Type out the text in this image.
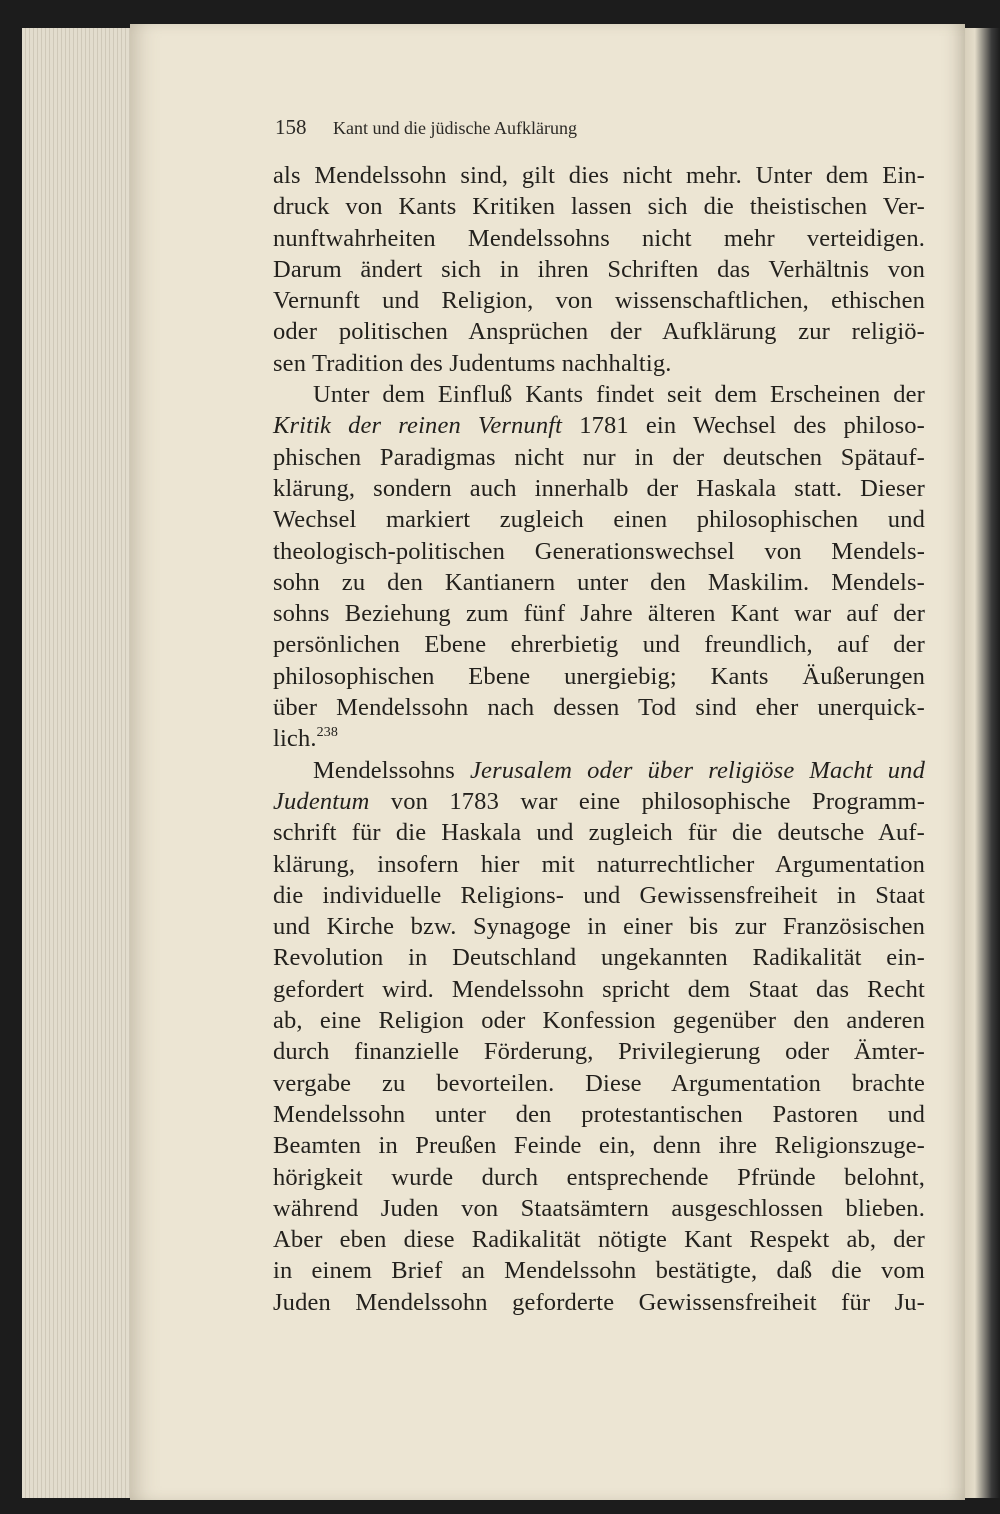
158 Kant und die jüdische Aufklärung
als Mendelssohn sind, gilt dies nicht mehr. Unter dem Ein-
druck von Kants Kritiken lassen sich die theistischen Ver-
nunftwahrheiten Mendelssohns nicht mehr verteidigen.
Darum ändert sich in ihren Schriften das Verhältnis von
Vernunft und Religion, von wissenschaftlichen, ethischen
oder politischen Ansprüchen der Aufklärung zur religiö-
sen Tradition des Judentums nachhaltig.
Unter dem Einfluß Kants findet seit dem Erscheinen der
Kritik der reinen Vernunft 1781 ein Wechsel des philoso-
phischen Paradigmas nicht nur in der deutschen Spätauf-
klärung, sondern auch innerhalb der Haskala statt. Dieser
Wechsel markiert zugleich einen philosophischen und
theologisch-politischen Generationswechsel von Mendels-
sohn zu den Kantianern unter den Maskilim. Mendels-
sohns Beziehung zum fünf Jahre älteren Kant war auf der
persönlichen Ebene ehrerbietig und freundlich, auf der
philosophischen Ebene unergiebig; Kants Äußerungen
über Mendelssohn nach dessen Tod sind eher unerquick-
lich.$^{238}$
Mendelssohns Jerusalem oder über religiöse Macht und
Judentum von 1783 war eine philosophische Programm-
schrift für die Haskala und zugleich für die deutsche Auf-
klärung, insofern hier mit naturrechtlicher Argumentation
die individuelle Religions- und Gewissensfreiheit in Staat
und Kirche bzw. Synagoge in einer bis zur Französischen
Revolution in Deutschland ungekannten Radikalität ein-
gefordert wird. Mendelssohn spricht dem Staat das Recht
ab, eine Religion oder Konfession gegenüber den anderen
durch finanzielle Förderung, Privilegierung oder Ämter-
vergabe zu bevorteilen. Diese Argumentation brachte
Mendelssohn unter den protestantischen Pastoren und
Beamten in Preußen Feinde ein, denn ihre Religionszuge-
hörigkeit wurde durch entsprechende Pfründe belohnt,
während Juden von Staatsämtern ausgeschlossen blieben.
Aber eben diese Radikalität nötigte Kant Respekt ab, der
in einem Brief an Mendelssohn bestätigte, daß die vom
Juden Mendelssohn geforderte Gewissensfreiheit für Ju-
